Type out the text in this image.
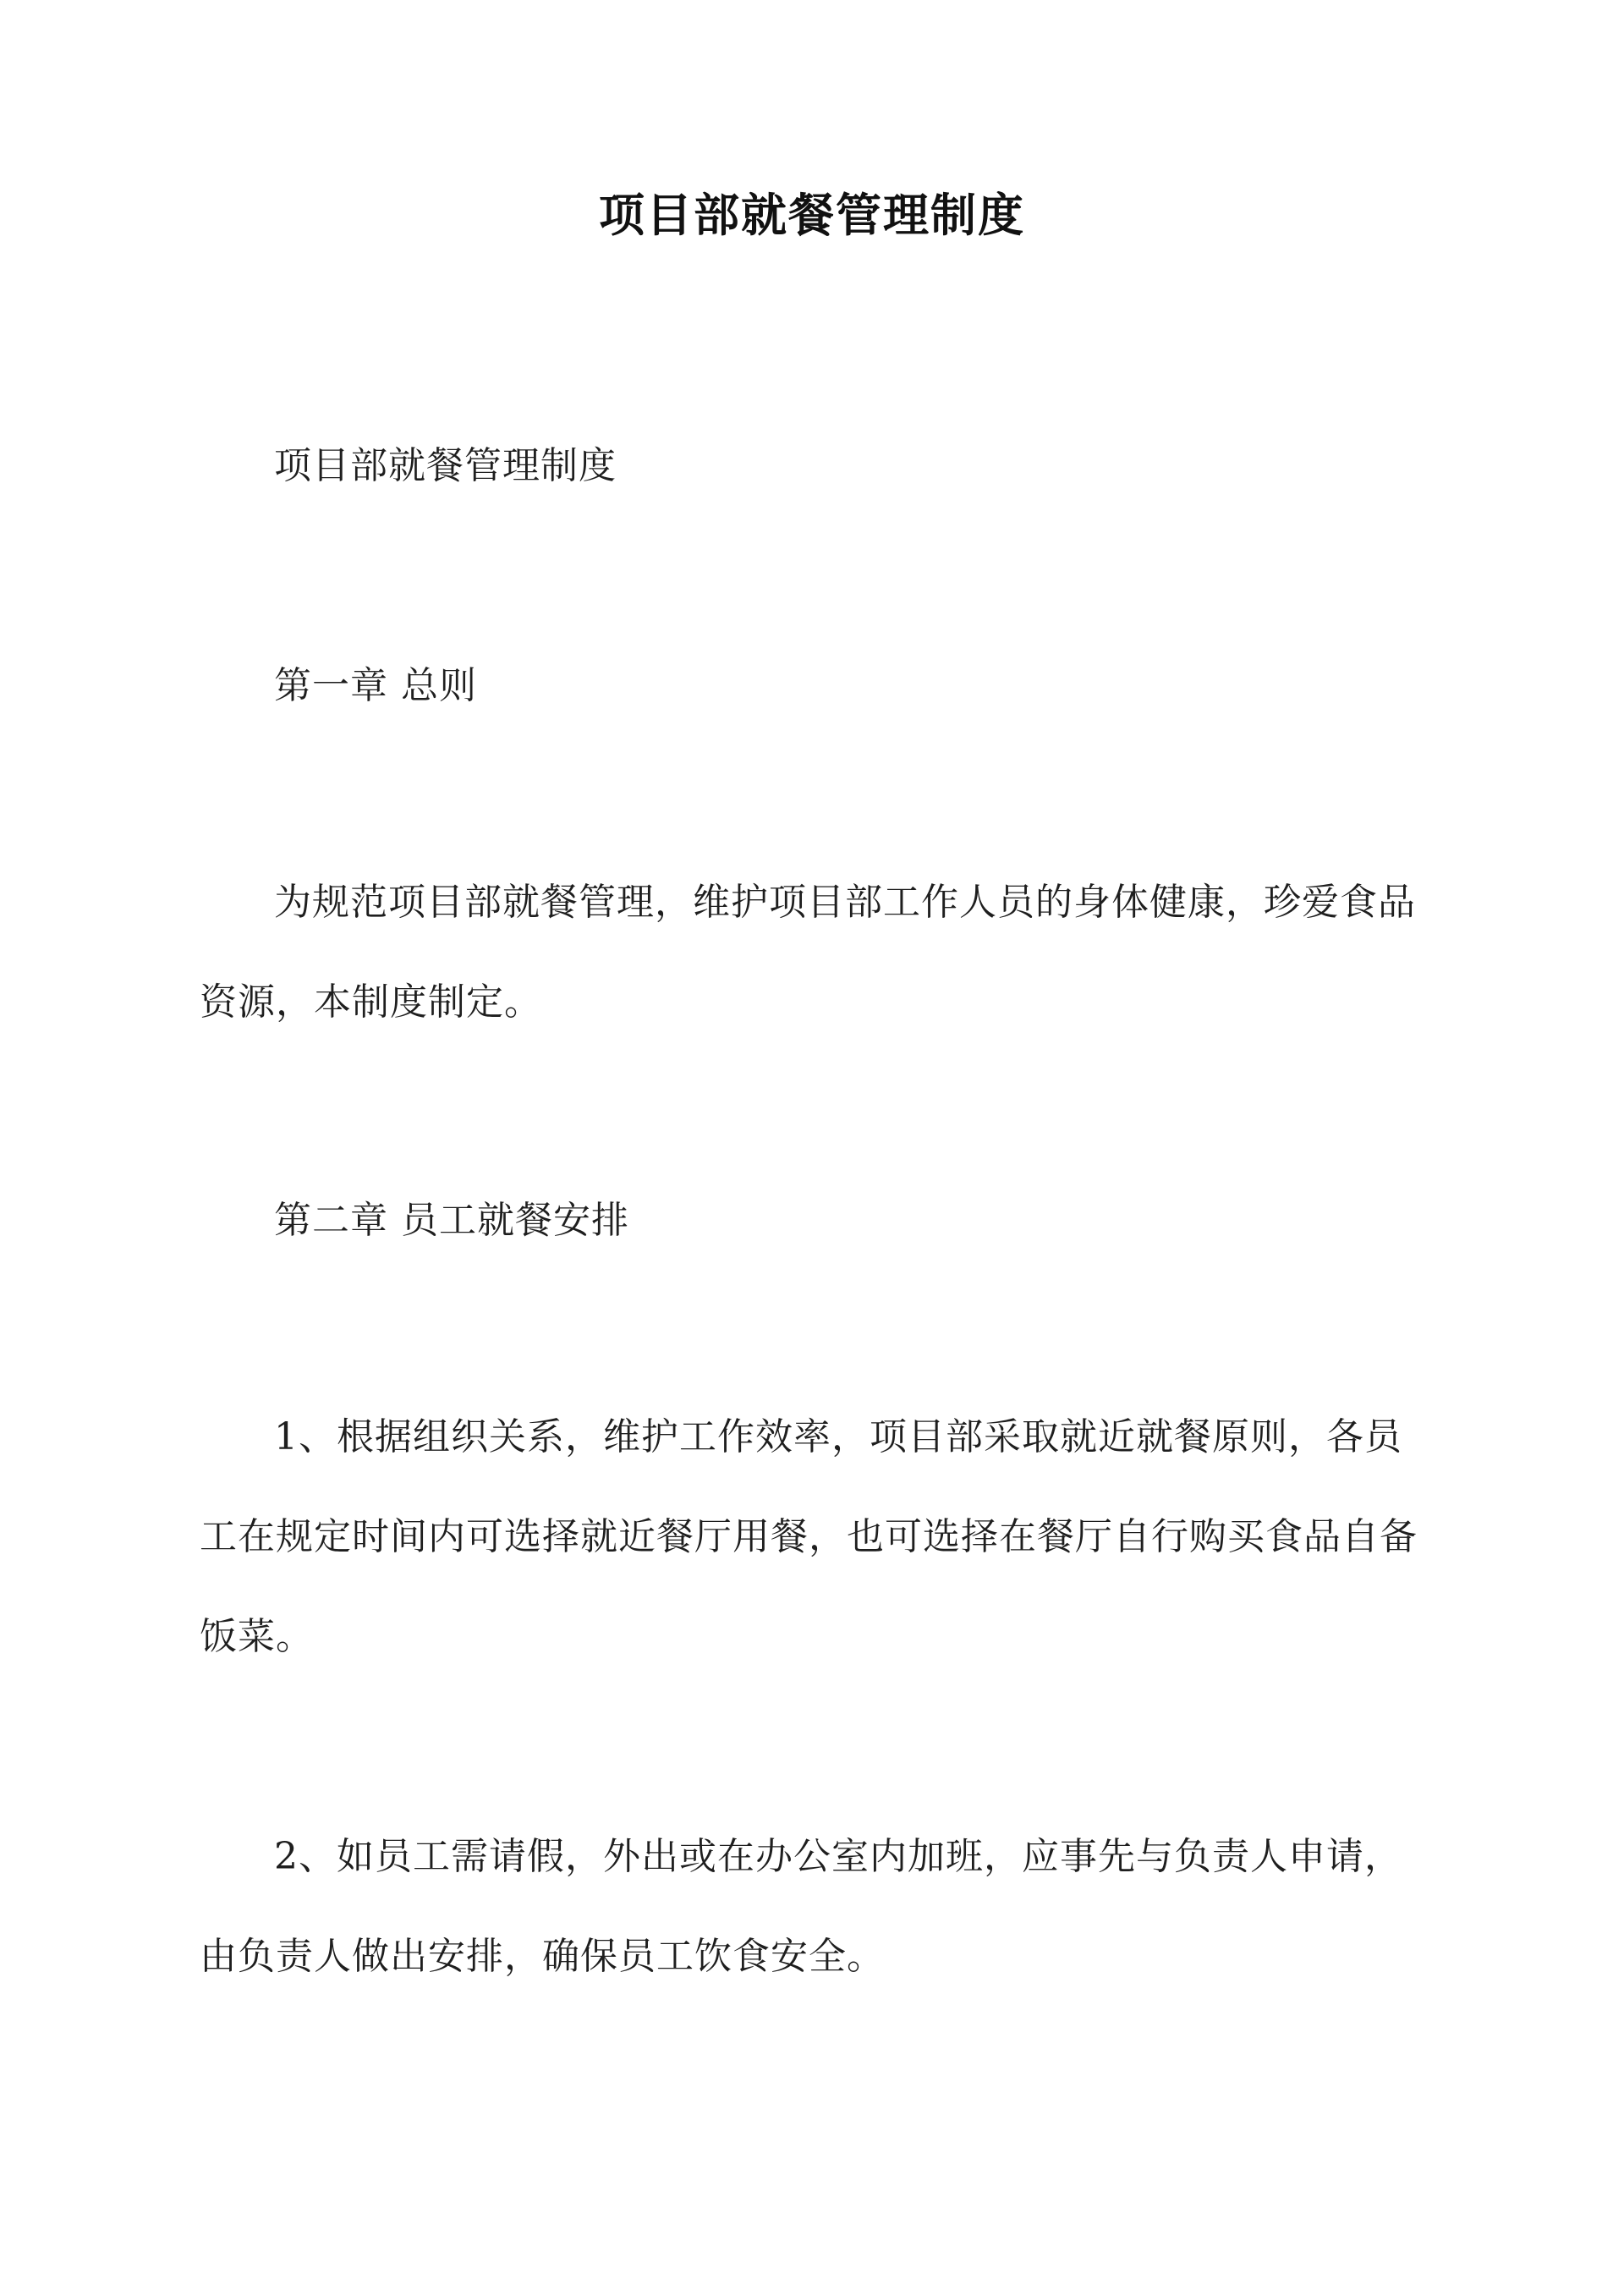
项目部就餐管理制度

项目部就餐管理制度

第一章 总则

为规范项目部就餐管理，维护项目部工作人员的身体健康，珍爱食品
资源，本制度制定。

第二章 员工就餐安排

1、根据组织关系，维护工作效率，项目部采取就近就餐原则，各员
工在规定时间内可选择就近餐厅用餐，也可选择在餐厅自行购买食品自备
饭菜。
2、如员工需请假，外出或在办公室内加班，应事先与负责人申请，
由负责人做出安排，确保员工饮食安全。
